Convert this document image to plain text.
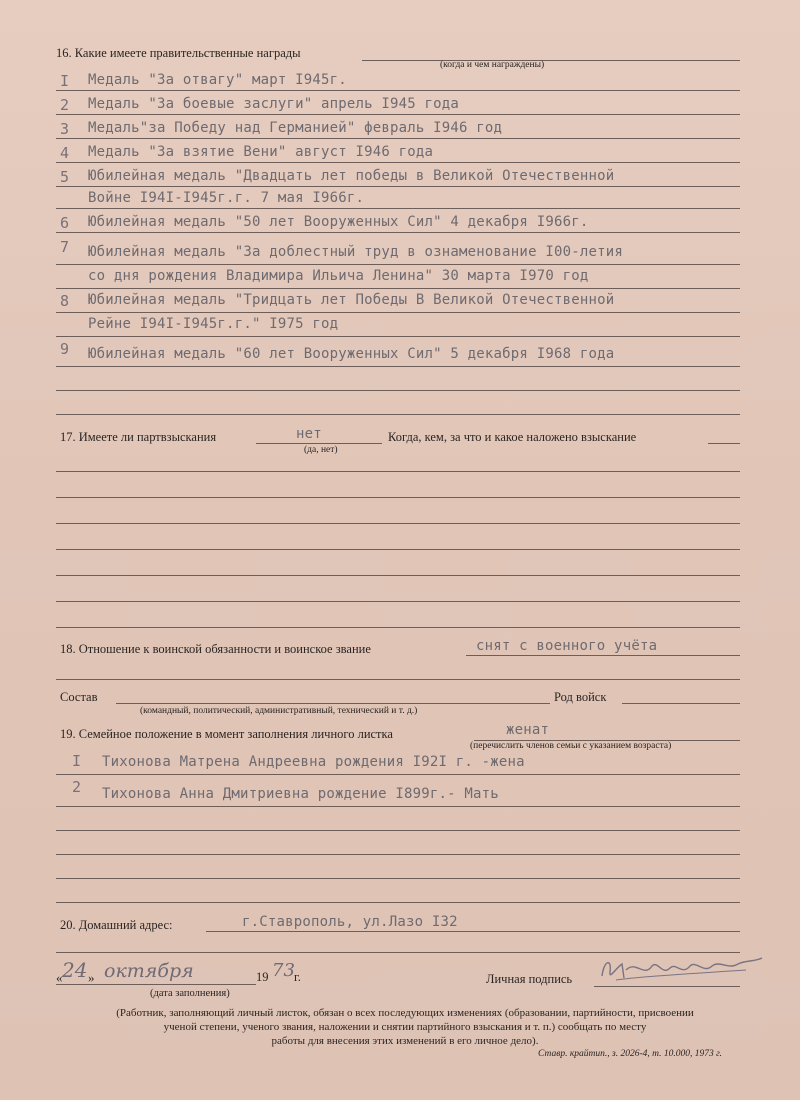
16. Какие имеете правительственные награды
(когда и чем награждены)
I Медаль "За отвагу" март I945г.
2 Медаль "За боевые заслуги" апрель I945 года
3 Медаль"за Победу над Германией" февраль I946 год
4 Медаль "За взятие Вени" август I946 года
5 Юбилейная медаль "Двадцать лет победы в Великой Отечественной
Войне I94I-I945г.г. 7 мая I966г.
6 Юбилейная медаль "50 лет Вооруженных Сил" 4 декабря I966г.
7 Юбилейная медаль "За доблестный труд в ознаменование I00-летия
со дня рождения Владимира Ильича Ленина" 30 марта I970 год
8 Юбилейная медаль "Тридцать лет Победы В Великой Отечественной
Рейне I94I-I945г.г." I975 год
9 Юбилейная медаль "60 лет Вооруженных Сил" 5 декабря I968 года
17. Имеете ли партвзыскания	нет
(да, нет)
Когда, кем, за что и какое наложено взыскание
18. Отношение к воинской обязанности и воинское звание	снят с военного учёта
Состав
(командный, политический, административный, технический и т. д.)
Род войск
19. Семейное положение в момент заполнения личного листка	женат
(перечислить членов семьи с указанием возраста)
I Тихонова Матрена Андреевна рождения I92I г. -жена
2 Тихонова Анна Дмитриевна рождение I899г.- Мать
20. Домашний адрес:	г.Ставрополь, ул.Лазо I32
« 24 » октября	19 73 г.
(дата заполнения)
Личная подпись
(Работник, заполняющий личный листок, обязан о всех последующих изменениях (образовании, партийности, присвоении
ученой степени, ученого звания, наложении и снятии партийного взыскания и т. п.) сообщать по месту
работы для внесения этих изменений в его личное дело).
Ставр. крайтип., з. 2026-4, т. 10.000, 1973 г.
